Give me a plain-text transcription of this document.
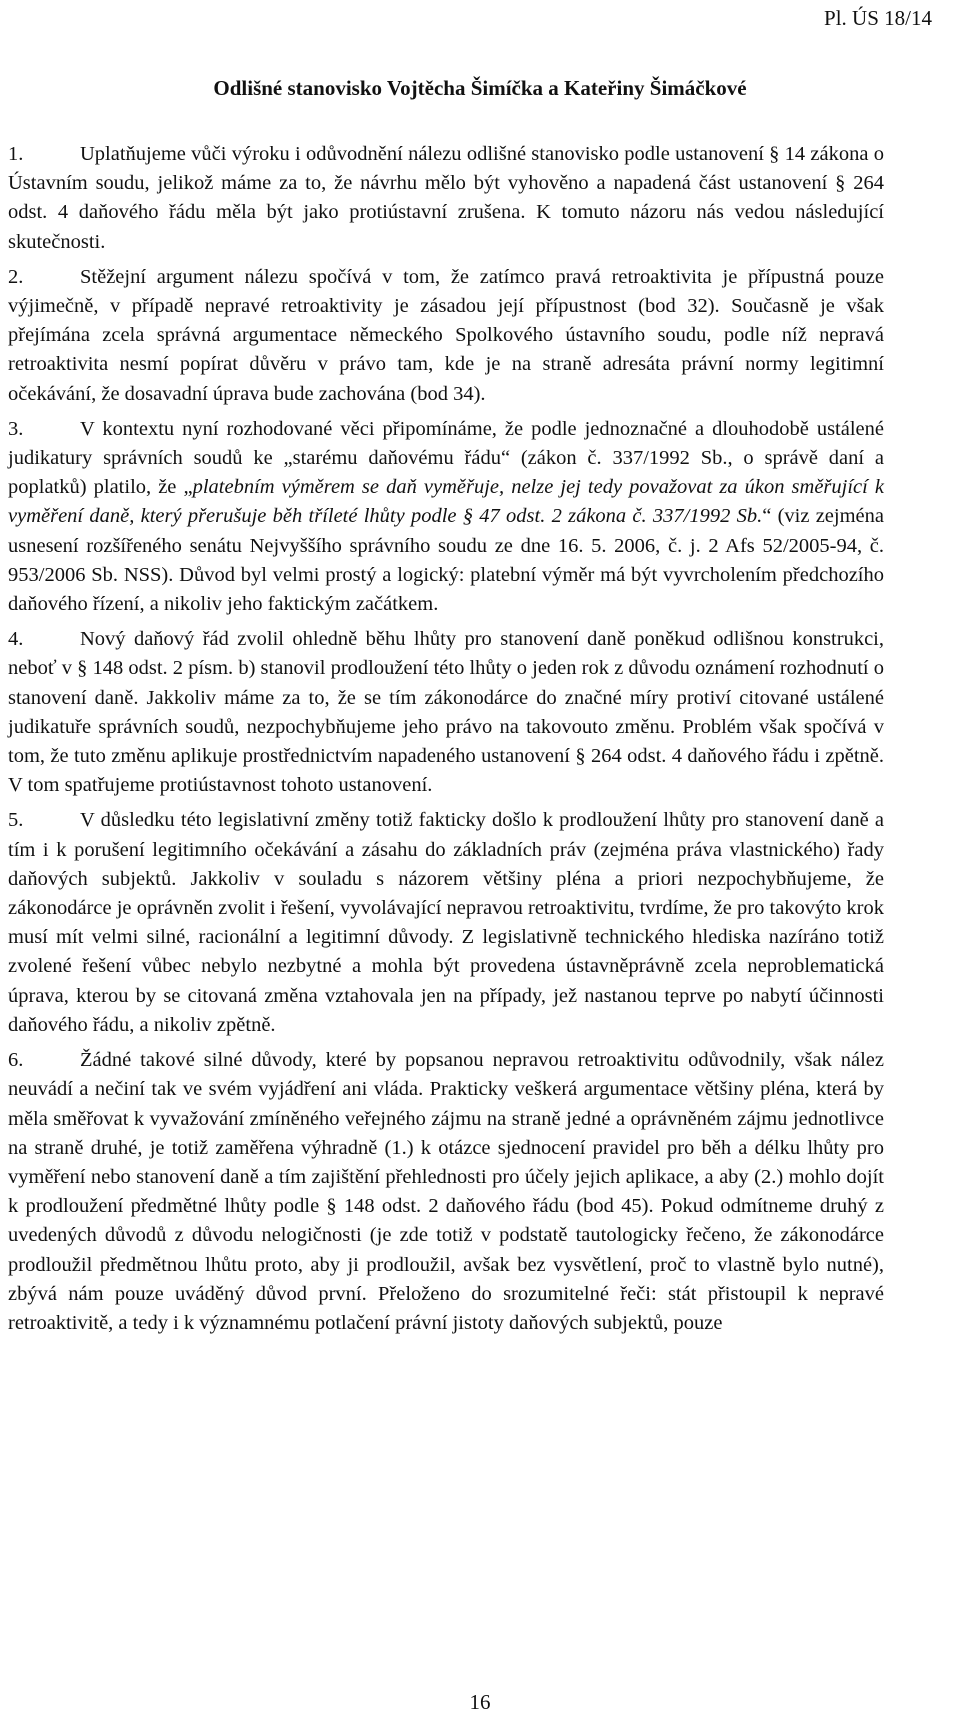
Pl. ÚS 18/14
Odlišné stanovisko Vojtěcha Šimíčka a Kateřiny Šimáčkové

1.	Uplatňujeme vůči výroku i odůvodnění nálezu odlišné stanovisko podle ustanovení § 14 zákona o Ústavním soudu, jelikož máme za to, že návrhu mělo být vyhověno a napadená část ustanovení § 264 odst. 4 daňového řádu měla být jako protiústavní zrušena. K tomuto názoru nás vedou následující skutečnosti.

2.	Stěžejní argument nálezu spočívá v tom, že zatímco pravá retroaktivita je přípustná pouze výjimečně, v případě nepravé retroaktivity je zásadou její přípustnost (bod 32). Současně je však přejímána zcela správná argumentace německého Spolkového ústavního soudu, podle níž nepravá retroaktivita nesmí popírat důvěru v právo tam, kde je na straně adresáta právní normy legitimní očekávání, že dosavadní úprava bude zachována (bod 34).

3.	V kontextu nyní rozhodované věci připomínáme, že podle jednoznačné a dlouhodobě ustálené judikatury správních soudů ke „starému daňovému řádu“ (zákon č. 337/1992 Sb., o správě daní a poplatků) platilo, že „platebním výměrem se daň vyměřuje, nelze jej tedy považovat za úkon směřující k vyměření daně, který přerušuje běh tříleté lhůty podle § 47 odst. 2 zákona č. 337/1992 Sb.“ (viz zejména usnesení rozšířeného senátu Nejvyššího správního soudu ze dne 16. 5. 2006, č. j. 2 Afs 52/2005-94, č. 953/2006 Sb. NSS). Důvod byl velmi prostý a logický: platební výměr má být vyvrcholením předchozího daňového řízení, a nikoliv jeho faktickým začátkem.

4.	Nový daňový řád zvolil ohledně běhu lhůty pro stanovení daně poněkud odlišnou konstrukci, neboť v § 148 odst. 2 písm. b) stanovil prodloužení této lhůty o jeden rok z důvodu oznámení rozhodnutí o stanovení daně. Jakkoliv máme za to, že se tím zákonodárce do značné míry protiví citované ustálené judikatuře správních soudů, nezpochybňujeme jeho právo na takovouto změnu. Problém však spočívá v tom, že tuto změnu aplikuje prostřednictvím napadeného ustanovení § 264 odst. 4 daňového řádu i zpětně. V tom spatřujeme protiústavnost tohoto ustanovení.

5.	V důsledku této legislativní změny totiž fakticky došlo k prodloužení lhůty pro stanovení daně a tím i k porušení legitimního očekávání a zásahu do základních práv (zejména práva vlastnického) řady daňových subjektů. Jakkoliv v souladu s názorem většiny pléna a priori nezpochybňujeme, že zákonodárce je oprávněn zvolit i řešení, vyvolávající nepravou retroaktivitu, tvrdíme, že pro takovýto krok musí mít velmi silné, racionální a legitimní důvody. Z legislativně technického hlediska nazíráno totiž zvolené řešení vůbec nebylo nezbytné a mohla být provedena ústavněprávně zcela neproblematická úprava, kterou by se citovaná změna vztahovala jen na případy, jež nastanou teprve po nabytí účinnosti daňového řádu, a nikoliv zpětně.

6.	Žádné takové silné důvody, které by popsanou nepravou retroaktivitu odůvodnily, však nález neuvádí a nečiní tak ve svém vyjádření ani vláda. Prakticky veškerá argumentace většiny pléna, která by měla směřovat k vyvažování zmíněného veřejného zájmu na straně jedné a oprávněném zájmu jednotlivce na straně druhé, je totiž zaměřena výhradně (1.) k otázce sjednocení pravidel pro běh a délku lhůty pro vyměření nebo stanovení daně a tím zajištění přehlednosti pro účely jejich aplikace, a aby (2.) mohlo dojít k prodloužení předmětné lhůty podle § 148 odst. 2 daňového řádu (bod 45). Pokud odmítneme druhý z uvedených důvodů z důvodu nelogičnosti (je zde totiž v podstatě tautologicky řečeno, že zákonodárce prodloužil předmětnou lhůtu proto, aby ji prodloužil, avšak bez vysvětlení, proč to vlastně bylo nutné), zbývá nám pouze uváděný důvod první. Přeloženo do srozumitelné řeči: stát přistoupil k nepravé retroaktivitě, a tedy i k významnému potlačení právní jistoty daňových subjektů, pouze

16
